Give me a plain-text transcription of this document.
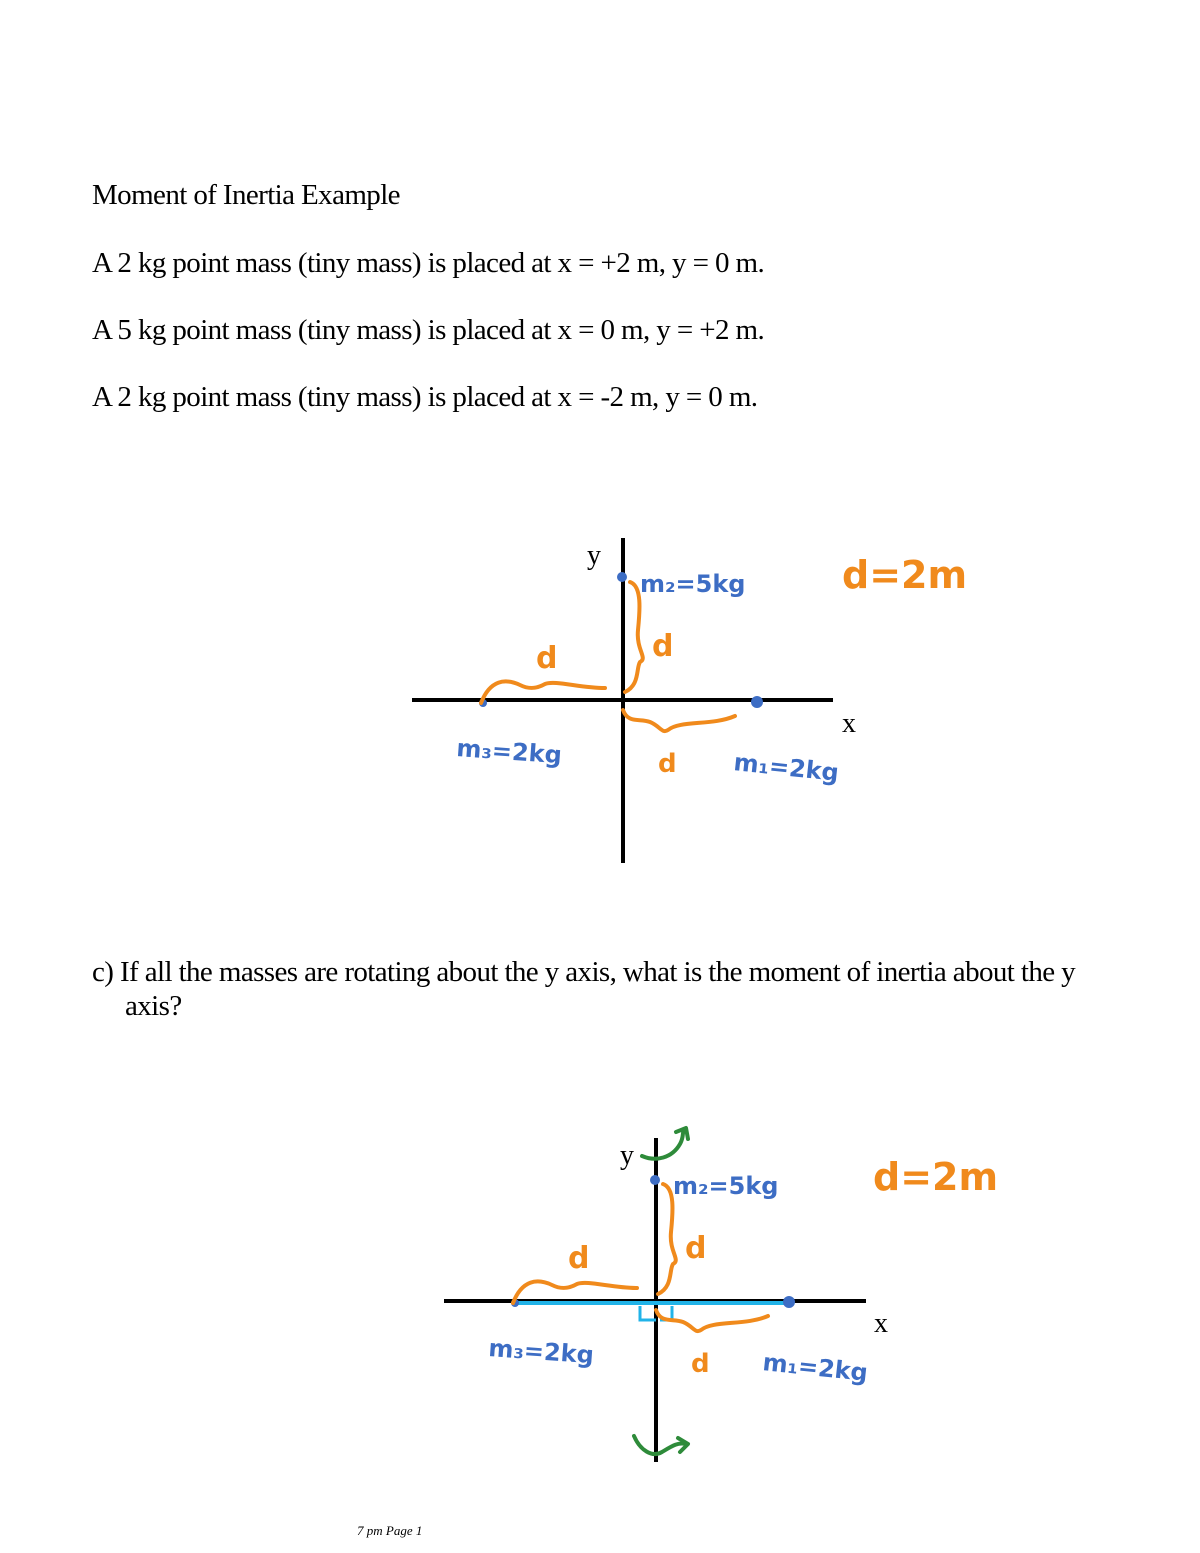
Moment of Inertia Example
A 2 kg point mass (tiny mass) is placed at x = +2 m, y = 0 m.
A 5 kg point mass (tiny mass) is placed at x = 0 m, y = +2 m.
A 2 kg point mass (tiny mass) is placed at x = -2 m, y = 0 m.
y
x
m₂=5kg
m₁=2kg
m₃=2kg
d	d
d
d=2m
c) If all the masses are rotating about the y axis, what is the moment of inertia about the y
axis?
y
x
m₂=5kg
m₁=2kg
m₃=2kg
d	d
d
d=2m
7 pm Page 1
